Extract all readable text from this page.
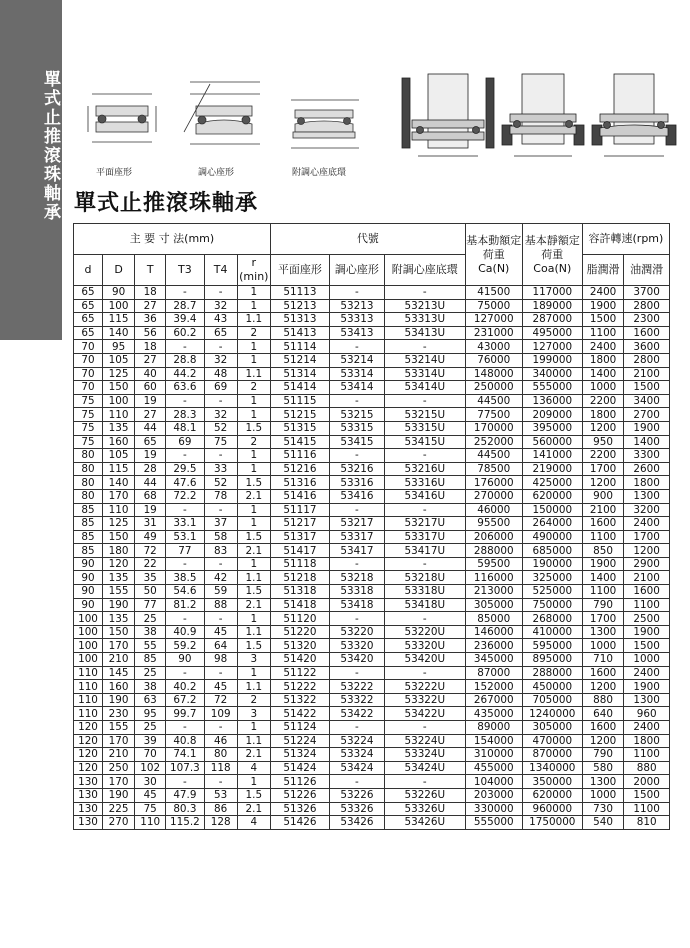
單式止推滾珠軸承	平面座形	調心座形	附調心座底環
單式止推滾珠軸承
主 要 寸 法(mm)						代號			基本動額定荷重 Ca(N)	基本靜額定荷重 Coa(N)	容許轉速(rpm)	
d	D	T	T3	T4	r (min)	平面座形	調心座形	附調心座底環			脂潤滑	油潤滑
65	90	18	-	-	1	51113	-	-	41500	117000	2400	3700
65	100	27	28.7	32	1	51213	53213	53213U	75000	189000	1900	2800
65	115	36	39.4	43	1.1	51313	53313	53313U	127000	287000	1500	2300
65	140	56	60.2	65	2	51413	53413	53413U	231000	495000	1100	1600
70	95	18	-	-	1	51114	-	-	43000	127000	2400	3600
70	105	27	28.8	32	1	51214	53214	53214U	76000	199000	1800	2800
70	125	40	44.2	48	1.1	51314	53314	53314U	148000	340000	1400	2100
70	150	60	63.6	69	2	51414	53414	53414U	250000	555000	1000	1500
75	100	19	-	-	1	51115	-	-	44500	136000	2200	3400
75	110	27	28.3	32	1	51215	53215	53215U	77500	209000	1800	2700
75	135	44	48.1	52	1.5	51315	53315	53315U	170000	395000	1200	1900
75	160	65	69	75	2	51415	53415	53415U	252000	560000	950	1400
80	105	19	-	-	1	51116	-	-	44500	141000	2200	3300
80	115	28	29.5	33	1	51216	53216	53216U	78500	219000	1700	2600
80	140	44	47.6	52	1.5	51316	53316	53316U	176000	425000	1200	1800
80	170	68	72.2	78	2.1	51416	53416	53416U	270000	620000	900	1300
85	110	19	-	-	1	51117	-	-	46000	150000	2100	3200
85	125	31	33.1	37	1	51217	53217	53217U	95500	264000	1600	2400
85	150	49	53.1	58	1.5	51317	53317	53317U	206000	490000	1100	1700
85	180	72	77	83	2.1	51417	53417	53417U	288000	685000	850	1200
90	120	22	-	-	1	51118	-	-	59500	190000	1900	2900
90	135	35	38.5	42	1.1	51218	53218	53218U	116000	325000	1400	2100
90	155	50	54.6	59	1.5	51318	53318	53318U	213000	525000	1100	1600
90	190	77	81.2	88	2.1	51418	53418	53418U	305000	750000	790	1100
100	135	25	-	-	1	51120	-	-	85000	268000	1700	2500
100	150	38	40.9	45	1.1	51220	53220	53220U	146000	410000	1300	1900
100	170	55	59.2	64	1.5	51320	53320	53320U	236000	595000	1000	1500
100	210	85	90	98	3	51420	53420	53420U	345000	895000	710	1000
110	145	25	-	-	1	51122	-	-	87000	288000	1600	2400
110	160	38	40.2	45	1.1	51222	53222	53222U	152000	450000	1200	1900
110	190	63	67.2	72	2	51322	53322	53322U	267000	705000	880	1300
110	230	95	99.7	109	3	51422	53422	53422U	435000	1240000	640	960
120	155	25	-	-	1	51124	-	-	89000	305000	1600	2400
120	170	39	40.8	46	1.1	51224	53224	53224U	154000	470000	1200	1800
120	210	70	74.1	80	2.1	51324	53324	53324U	310000	870000	790	1100
120	250	102	107.3	118	4	51424	53424	53424U	455000	1340000	580	880
130	170	30	-	-	1	51126	-	-	104000	350000	1300	2000
130	190	45	47.9	53	1.5	51226	53226	53226U	203000	620000	1000	1500
130	225	75	80.3	86	2.1	51326	53326	53326U	330000	960000	730	1100
130	270	110	115.2	128	4	51426	53426	53426U	555000	1750000	540	810
